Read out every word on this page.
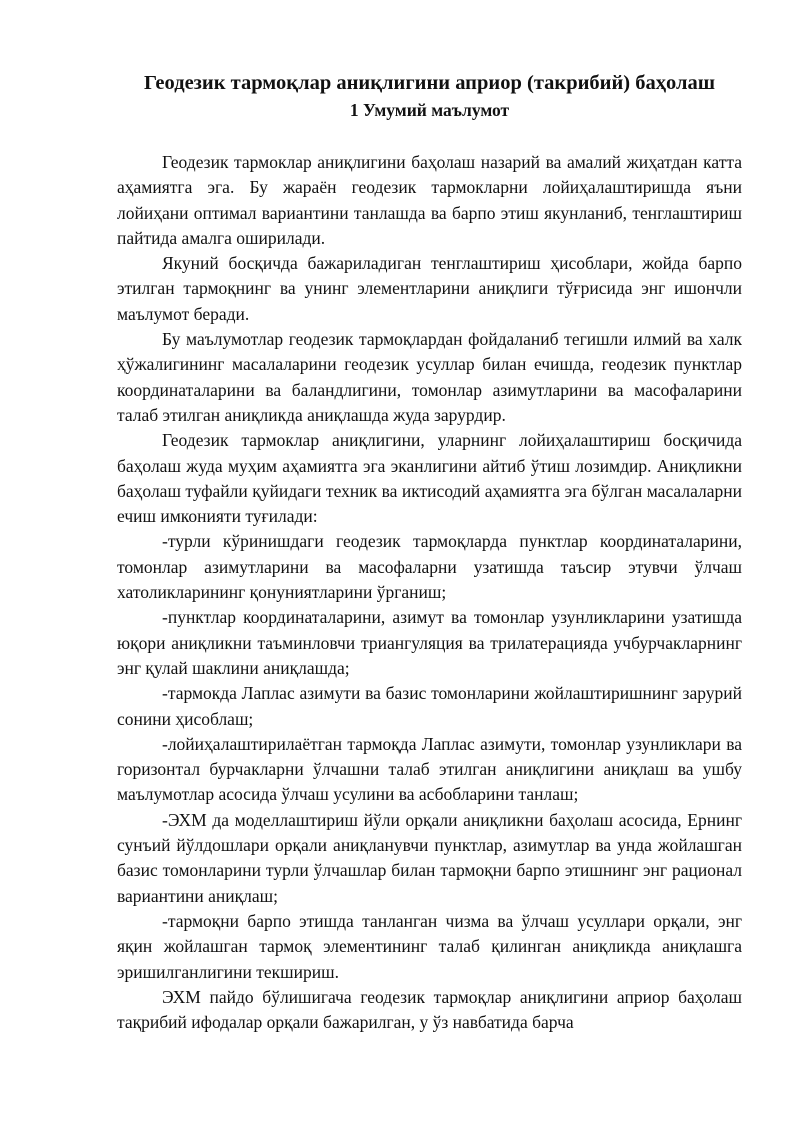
Геодезик тармоқлар аниқлигини априор (такрибий) баҳолаш
1 Умумий маълумот

Геодезик тармоклар аниқлигини баҳолаш назарий ва амалий жиҳатдан катта аҳамиятга эга. Бу жараён геодезик тармокларни лойиҳалаштиришда яъни лойиҳани оптимал вариантини танлашда ва барпо этиш якунланиб, тенглаштириш пайтида амалга оширилади.

Якуний босқичда бажариладиган тенглаштириш ҳисоблари, жойда барпо этилган тармоқнинг ва унинг элементларини аниқлиги тўғрисида энг ишончли маълумот беради.

Бу маълумотлар геодезик тармоқлардан фойдаланиб тегишли илмий ва халк ҳўжалигининг масалаларини геодезик усуллар билан ечишда, геодезик пунктлар координаталарини ва баландлигини, томонлар азимутларини ва масофаларини талаб этилган аниқликда аниқлашда жуда зарурдир.

Геодезик тармоклар аниқлигини, уларнинг лойиҳалаштириш босқичида баҳолаш жуда муҳим аҳамиятга эга эканлигини айтиб ўтиш лозимдир. Аниқликни баҳолаш туфайли қуйидаги техник ва иктисодий аҳамиятга эга бўлган масалаларни ечиш имконияти туғилади:

-турли кўринишдаги геодезик тармоқларда пунктлар координаталарини, томонлар азимутларини ва масофаларни узатишда таъсир этувчи ўлчаш хатоликларининг қонуниятларини ўрганиш;

-пунктлар координаталарини, азимут ва томонлар узунликларини узатишда юқори аниқликни таъминловчи триангуляция ва трилатерацияда учбурчакларнинг энг қулай шаклини аниқлашда;

-тармокда Лаплас азимути ва базис томонларини жойлаштиришнинг зарурий сонини ҳисоблаш;

-лойиҳалаштирилаётган тармоқда Лаплас азимути, томонлар узунликлари ва горизонтал бурчакларни ўлчашни талаб этилган аниқлигини аниқлаш ва ушбу маълумотлар асосида ўлчаш усулини ва асбобларини танлаш;

-ЭХМ да моделлаштириш йўли орқали аниқликни баҳолаш асосида, Ернинг сунъий йўлдошлари орқали аниқланувчи пунктлар, азимутлар ва унда жойлашган базис томонларини турли ўлчашлар билан тармоқни барпо этишнинг энг рационал вариантини аниқлаш;

-тармоқни барпо этишда танланган чизма ва ўлчаш усуллари орқали, энг яқин жойлашган тармоқ элементининг талаб қилинган аниқликда аниқлашга эришилганлигини текшириш.

ЭХМ пайдо бўлишигача геодезик тармоқлар аниқлигини априор баҳолаш тақрибий ифодалар орқали бажарилган, у ўз навбатида барча
